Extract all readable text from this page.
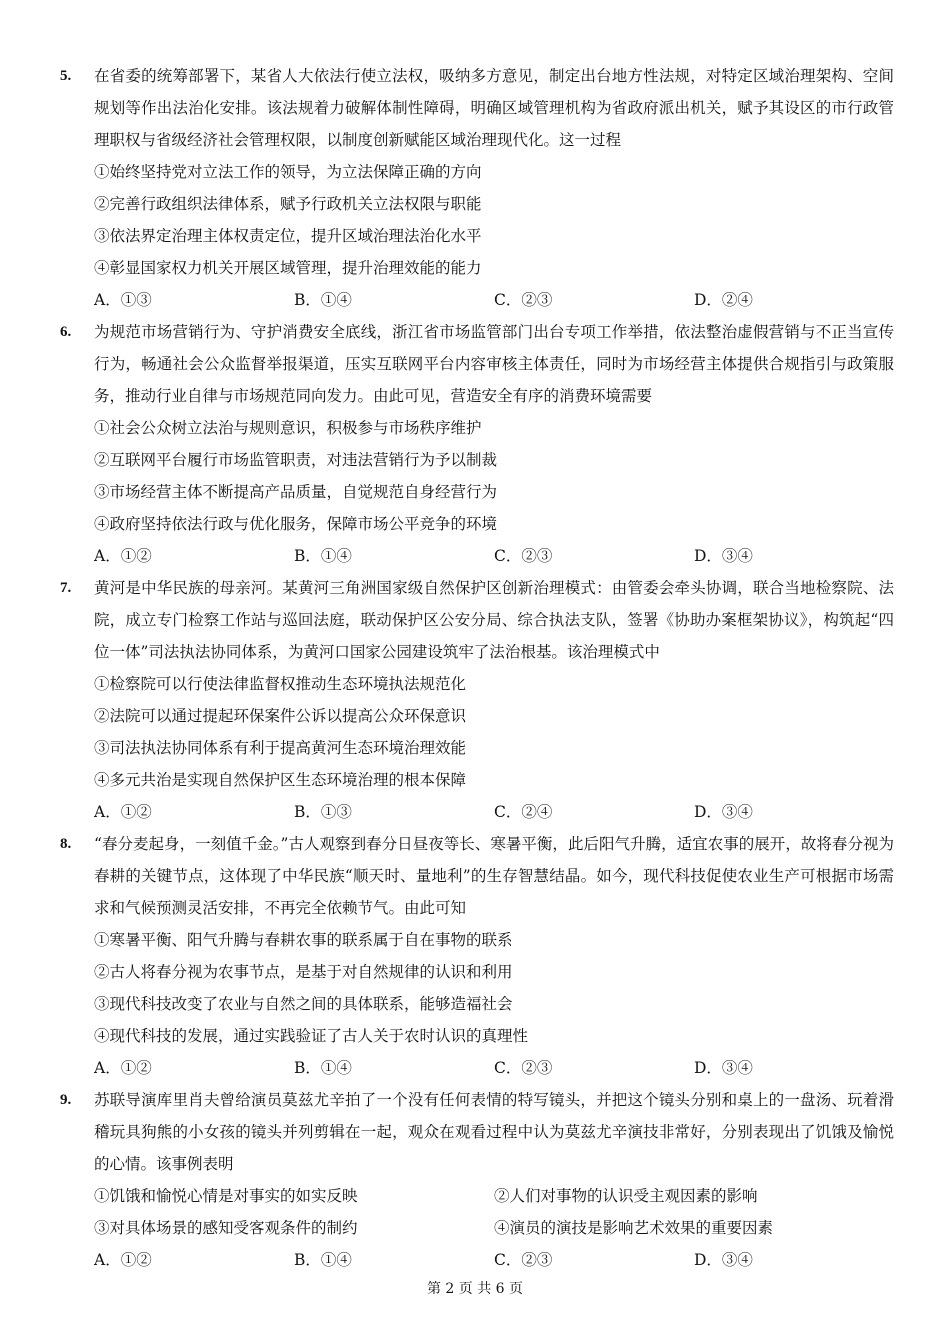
5. 在省委的统筹部署下，某省人大依法行使立法权，吸纳多方意见，制定出台地方性法规，对特定区域治理架构、空间规划等作出法治化安排。该法规着力破解体制性障碍，明确区域管理机构为省政府派出机关，赋予其设区的市行政管理职权与省级经济社会管理权限，以制度创新赋能区域治理现代化。这一过程
①始终坚持党对立法工作的领导，为立法保障正确的方向
②完善行政组织法律体系，赋予行政机关立法权限与职能
③依法界定治理主体权责定位，提升区域治理法治化水平
④彰显国家权力机关开展区域管理，提升治理效能的能力
A．①③	B．①④	C．②③	D．②④
6. 为规范市场营销行为、守护消费安全底线，浙江省市场监管部门出台专项工作举措，依法整治虚假营销与不正当宣传行为，畅通社会公众监督举报渠道，压实互联网平台内容审核主体责任，同时为市场经营主体提供合规指引与政策服务，推动行业自律与市场规范同向发力。由此可见，营造安全有序的消费环境需要
①社会公众树立法治与规则意识，积极参与市场秩序维护
②互联网平台履行市场监管职责，对违法营销行为予以制裁
③市场经营主体不断提高产品质量，自觉规范自身经营行为
④政府坚持依法行政与优化服务，保障市场公平竞争的环境
A．①②	B．①④	C．②③	D．③④
7. 黄河是中华民族的母亲河。某黄河三角洲国家级自然保护区创新治理模式：由管委会牵头协调，联合当地检察院、法院，成立专门检察工作站与巡回法庭，联动保护区公安分局、综合执法支队，签署《协助办案框架协议》，构筑起“四位一体”司法执法协同体系，为黄河口国家公园建设筑牢了法治根基。该治理模式中
①检察院可以行使法律监督权推动生态环境执法规范化
②法院可以通过提起环保案件公诉以提高公众环保意识
③司法执法协同体系有利于提高黄河生态环境治理效能
④多元共治是实现自然保护区生态环境治理的根本保障
A．①②	B．①③	C．②④	D．③④
8. “春分麦起身，一刻值千金。”古人观察到春分日昼夜等长、寒暑平衡，此后阳气升腾，适宜农事的展开，故将春分视为春耕的关键节点，这体现了中华民族“顺天时、量地利”的生存智慧结晶。如今，现代科技促使农业生产可根据市场需求和气候预测灵活安排，不再完全依赖节气。由此可知
①寒暑平衡、阳气升腾与春耕农事的联系属于自在事物的联系
②古人将春分视为农事节点，是基于对自然规律的认识和利用
③现代科技改变了农业与自然之间的具体联系，能够造福社会
④现代科技的发展，通过实践验证了古人关于农时认识的真理性
A．①②	B．①④	C．②③	D．③④
9. 苏联导演库里肖夫曾给演员莫兹尤辛拍了一个没有任何表情的特写镜头，并把这个镜头分别和桌上的一盘汤、玩着滑稽玩具狗熊的小女孩的镜头并列剪辑在一起，观众在观看过程中认为莫兹尤辛演技非常好，分别表现出了饥饿及愉悦的心情。该事例表明
①饥饿和愉悦心情是对事实的如实反映	②人们对事物的认识受主观因素的影响
③对具体场景的感知受客观条件的制约	④演员的演技是影响艺术效果的重要因素
A．①②	B．①④	C．②③	D．③④
第 2 页 共 6 页
